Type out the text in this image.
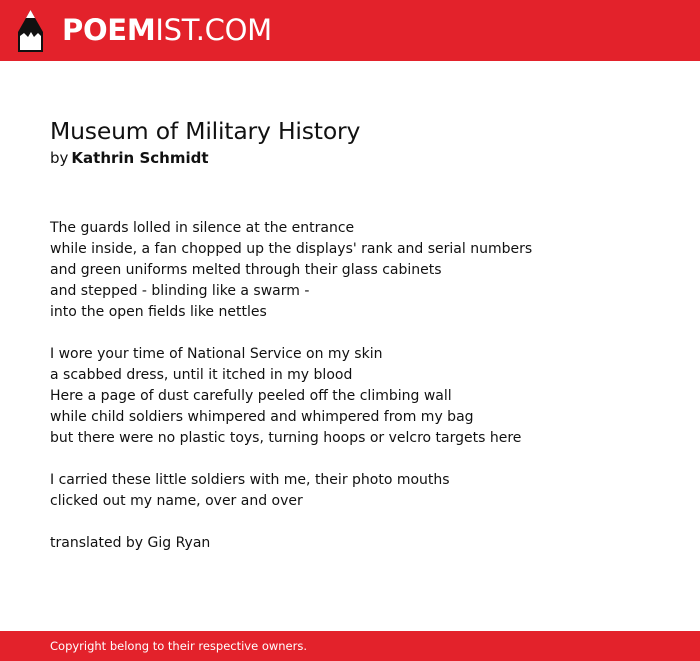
POEMIST.COM
Museum of Military History
by Kathrin Schmidt
The guards lolled in silence at the entrance
while inside, a fan chopped up the displays' rank and serial numbers
and green uniforms melted through their glass cabinets
and stepped - blinding like a swarm -
into the open fields like nettles
I wore your time of National Service on my skin
a scabbed dress, until it itched in my blood
Here a page of dust carefully peeled off the climbing wall
while child soldiers whimpered and whimpered from my bag
but there were no plastic toys, turning hoops or velcro targets here
I carried these little soldiers with me, their photo mouths
clicked out my name, over and over
translated by Gig Ryan
Copyright belong to their respective owners.
